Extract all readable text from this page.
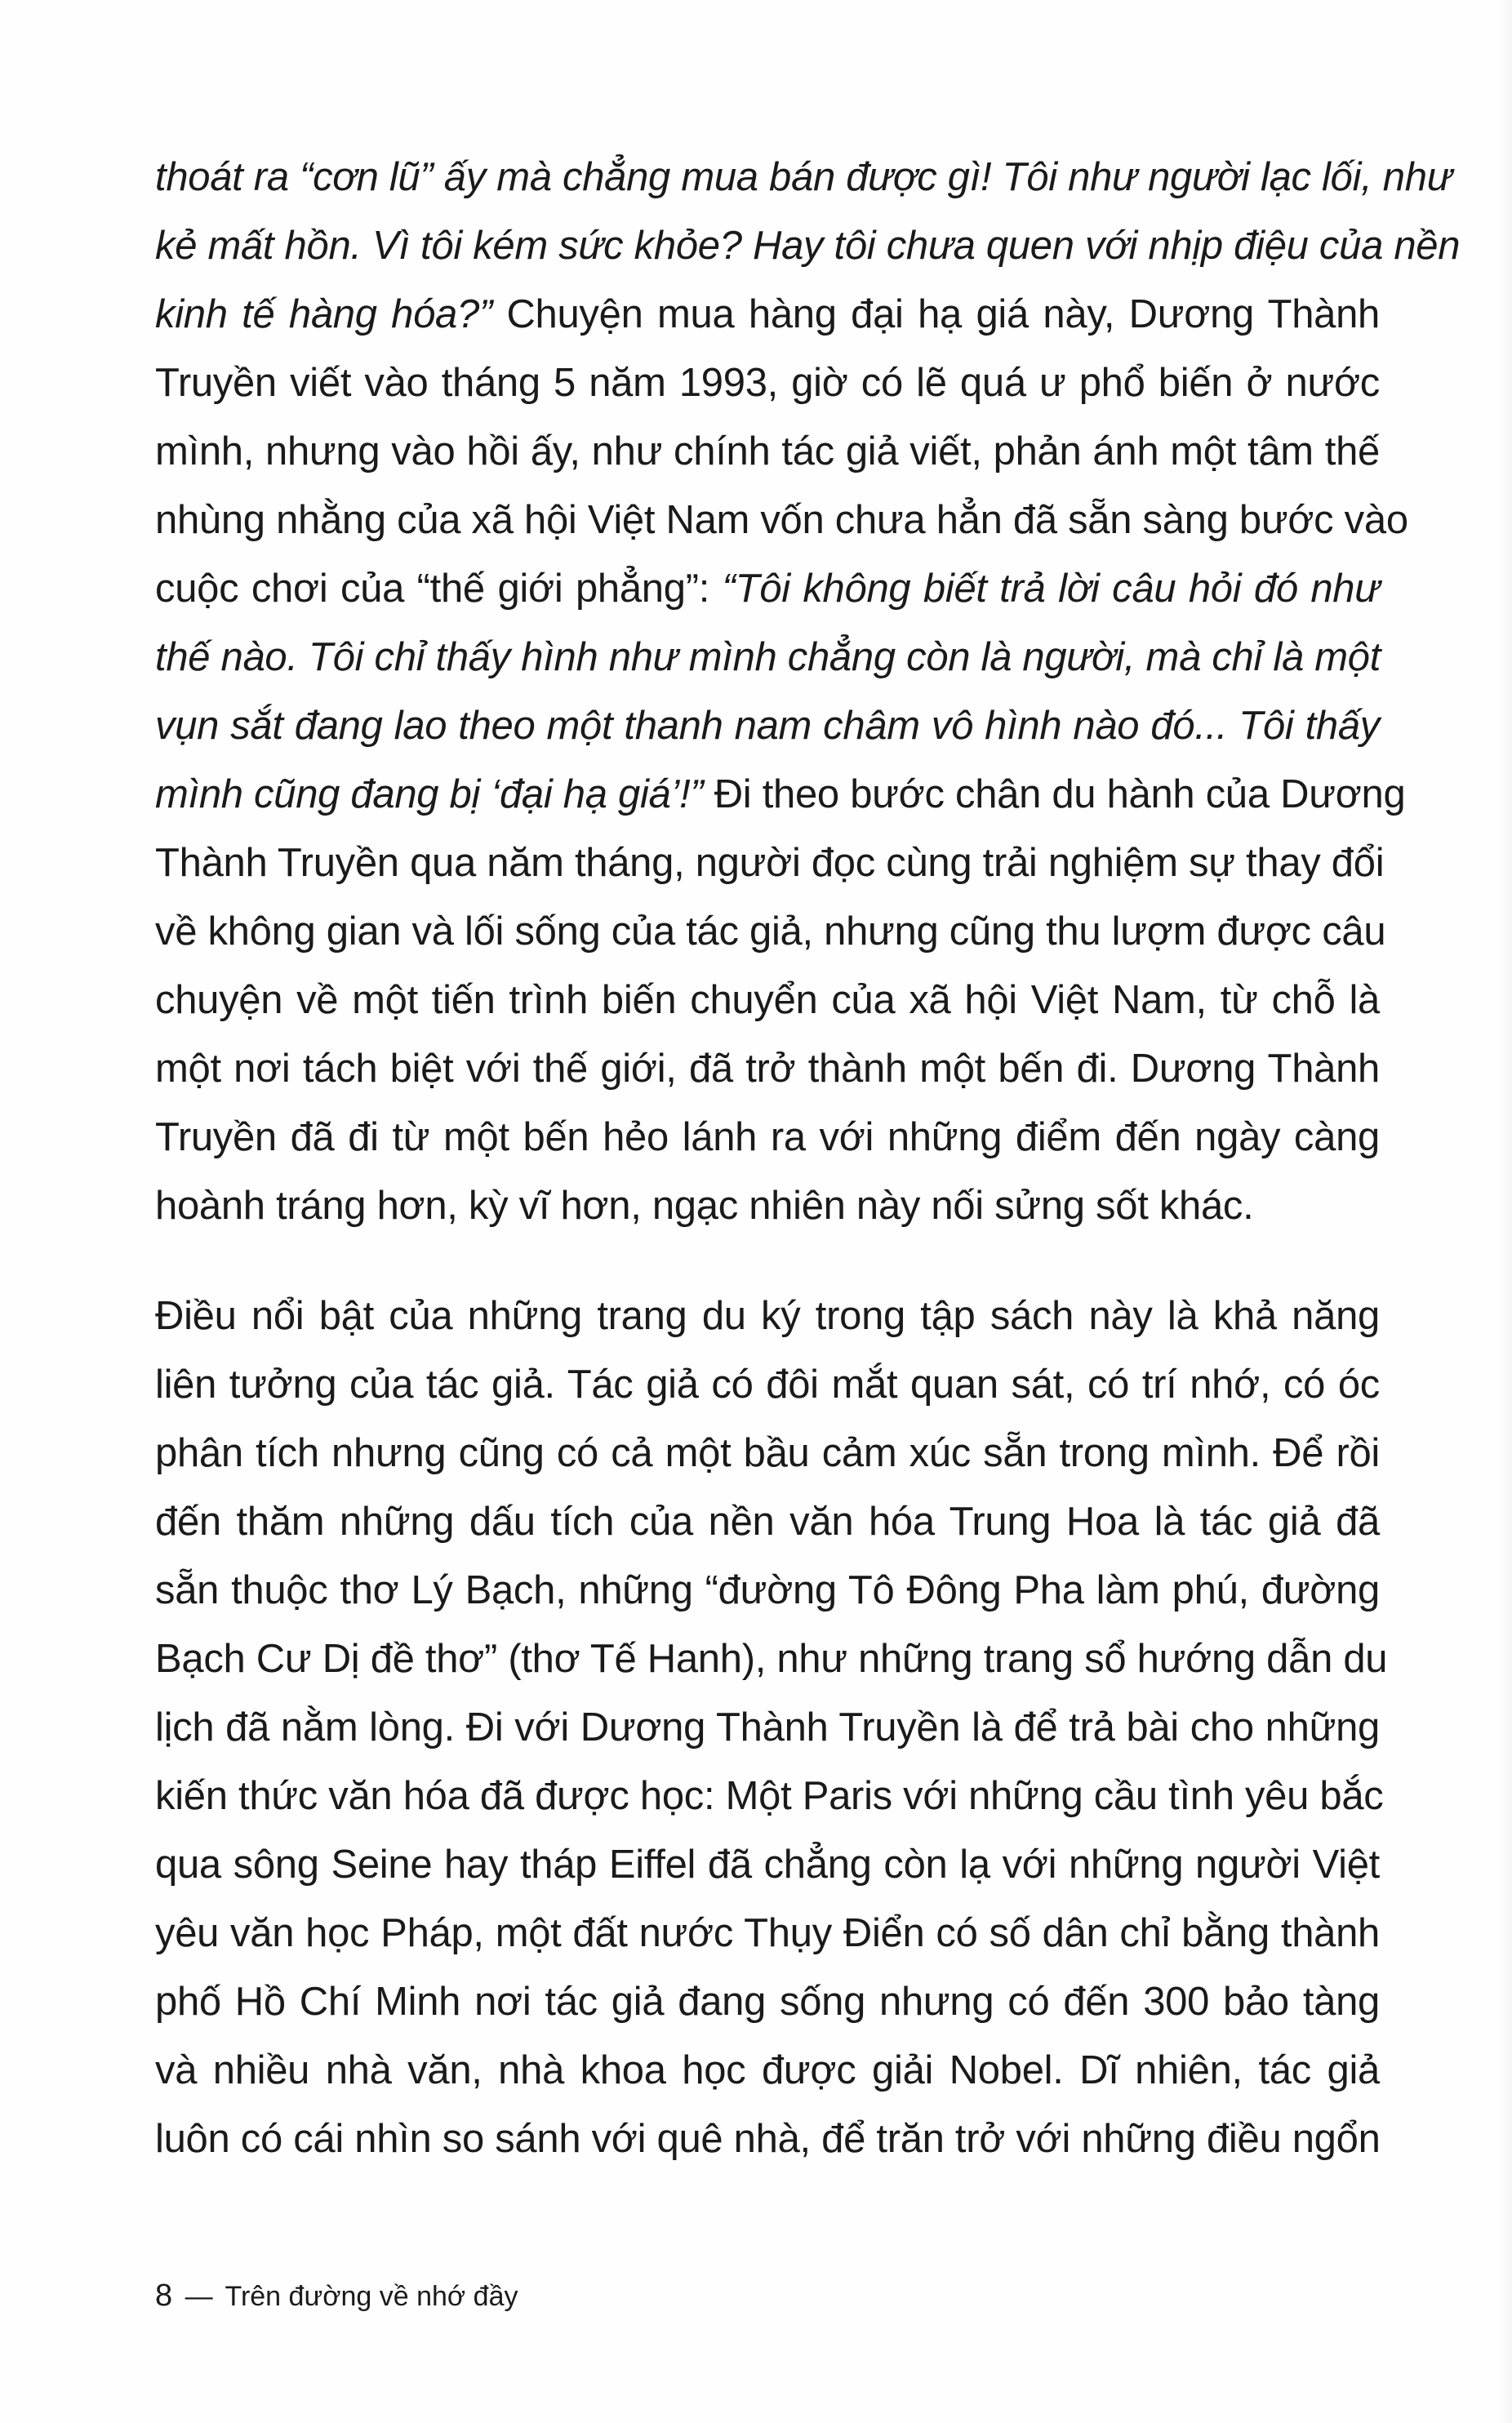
thoát ra “cơn lũ” ấy mà chẳng mua bán được gì! Tôi như người lạc lối, như
kẻ mất hồn. Vì tôi kém sức khỏe? Hay tôi chưa quen với nhịp điệu của nền
kinh tế hàng hóa?” Chuyện mua hàng đại hạ giá này, Dương Thành
Truyền viết vào tháng 5 năm 1993, giờ có lẽ quá ư phổ biến ở nước
mình, nhưng vào hồi ấy, như chính tác giả viết, phản ánh một tâm thế
nhùng nhằng của xã hội Việt Nam vốn chưa hẳn đã sẵn sàng bước vào
cuộc chơi của “thế giới phẳng”: “Tôi không biết trả lời câu hỏi đó như
thế nào. Tôi chỉ thấy hình như mình chẳng còn là người, mà chỉ là một
vụn sắt đang lao theo một thanh nam châm vô hình nào đó... Tôi thấy
mình cũng đang bị ‘đại hạ giá’!” Đi theo bước chân du hành của Dương
Thành Truyền qua năm tháng, người đọc cùng trải nghiệm sự thay đổi
về không gian và lối sống của tác giả, nhưng cũng thu lượm được câu
chuyện về một tiến trình biến chuyển của xã hội Việt Nam, từ chỗ là
một nơi tách biệt với thế giới, đã trở thành một bến đi. Dương Thành
Truyền đã đi từ một bến hẻo lánh ra với những điểm đến ngày càng
hoành tráng hơn, kỳ vĩ hơn, ngạc nhiên này nối sửng sốt khác.
Điều nổi bật của những trang du ký trong tập sách này là khả năng
liên tưởng của tác giả. Tác giả có đôi mắt quan sát, có trí nhớ, có óc
phân tích nhưng cũng có cả một bầu cảm xúc sẵn trong mình. Để rồi
đến thăm những dấu tích của nền văn hóa Trung Hoa là tác giả đã
sẵn thuộc thơ Lý Bạch, những “đường Tô Đông Pha làm phú, đường
Bạch Cư Dị đề thơ” (thơ Tế Hanh), như những trang sổ hướng dẫn du
lịch đã nằm lòng. Đi với Dương Thành Truyền là để trả bài cho những
kiến thức văn hóa đã được học: Một Paris với những cầu tình yêu bắc
qua sông Seine hay tháp Eiffel đã chẳng còn lạ với những người Việt
yêu văn học Pháp, một đất nước Thụy Điển có số dân chỉ bằng thành
phố Hồ Chí Minh nơi tác giả đang sống nhưng có đến 300 bảo tàng
và nhiều nhà văn, nhà khoa học được giải Nobel. Dĩ nhiên, tác giả
luôn có cái nhìn so sánh với quê nhà, để trăn trở với những điều ngổn
8 — Trên đường về nhớ đầy
